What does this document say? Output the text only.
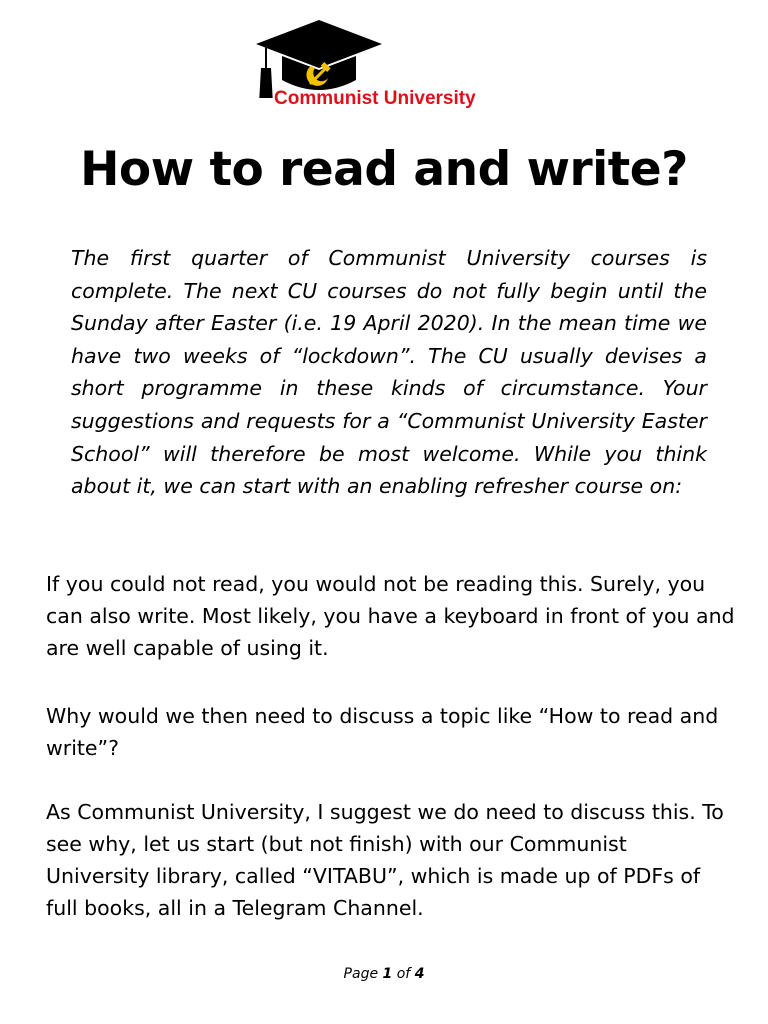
Communist University
How to read and write?

The first quarter of Communist University courses is complete. The next CU courses do not fully begin until the Sunday after Easter (i.e. 19 April 2020). In the mean time we have two weeks of “lockdown”. The CU usually devises a short programme in these kinds of circumstance. Your suggestions and requests for a “Communist University Easter School” will therefore be most welcome. While you think about it, we can start with an enabling refresher course on:

If you could not read, you would not be reading this. Surely, you can also write. Most likely, you have a keyboard in front of you and are well capable of using it.

Why would we then need to discuss a topic like “How to read and write”?

As Communist University, I suggest we do need to discuss this. To see why, let us start (but not finish) with our Communist University library, called “VITABU”, which is made up of PDFs of full books, all in a Telegram Channel.

Page 1 of 4
